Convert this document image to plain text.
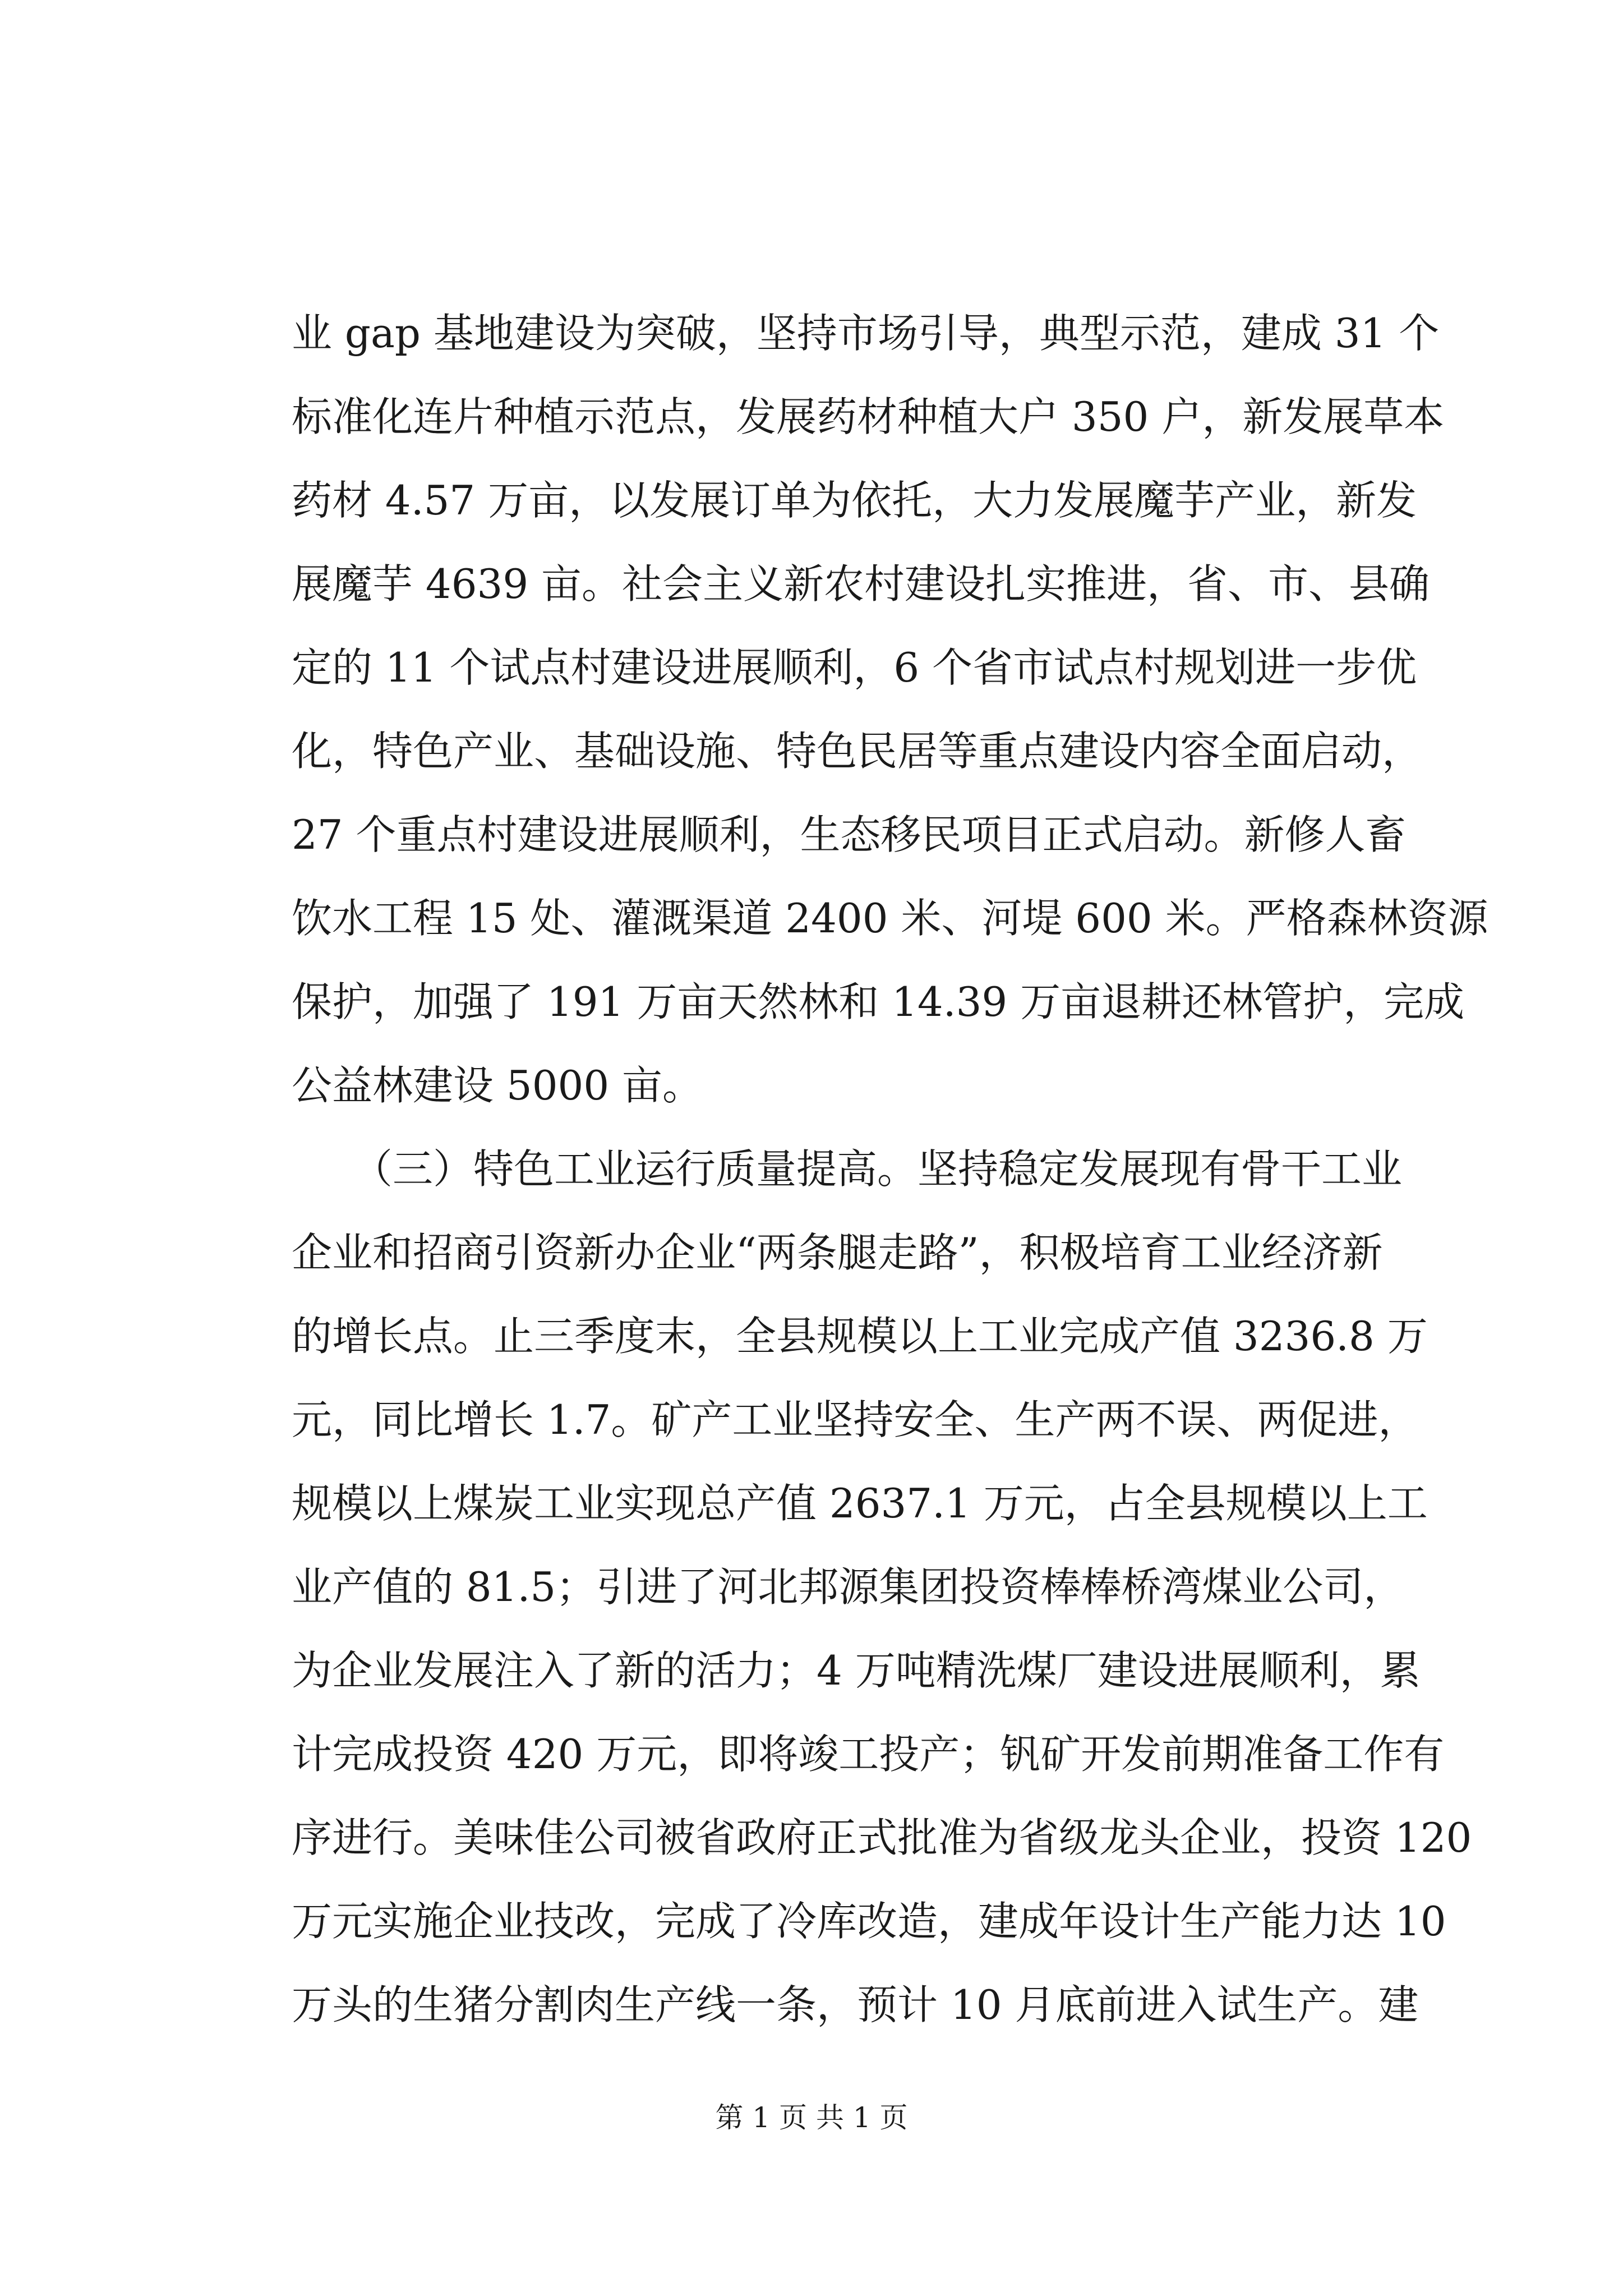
业 gap 基地建设为突破，坚持市场引导，典型示范，建成 31 个
标准化连片种植示范点，发展药材种植大户 350 户，新发展草本
药材 4.57 万亩，以发展订单为依托，大力发展魔芋产业，新发
展魔芋 4639 亩。社会主义新农村建设扎实推进，省、市、县确
定的 11 个试点村建设进展顺利，6 个省市试点村规划进一步优
化，特色产业、基础设施、特色民居等重点建设内容全面启动，
27 个重点村建设进展顺利，生态移民项目正式启动。新修人畜
饮水工程 15 处、灌溉渠道 2400 米、河堤 600 米。严格森林资源
保护，加强了 191 万亩天然林和 14.39 万亩退耕还林管护，完成
公益林建设 5000 亩。
　　（三）特色工业运行质量提高。坚持稳定发展现有骨干工业
企业和招商引资新办企业“两条腿走路”，积极培育工业经济新
的增长点。止三季度末，全县规模以上工业完成产值 3236.8 万
元，同比增长 1.7。矿产工业坚持安全、生产两不误、两促进，
规模以上煤炭工业实现总产值 2637.1 万元，占全县规模以上工
业产值的 81.5；引进了河北邦源集团投资棒棒桥湾煤业公司，
为企业发展注入了新的活力；4 万吨精洗煤厂建设进展顺利，累
计完成投资 420 万元，即将竣工投产；钒矿开发前期准备工作有
序进行。美味佳公司被省政府正式批准为省级龙头企业，投资 120
万元实施企业技改，完成了冷库改造，建成年设计生产能力达 10
万头的生猪分割肉生产线一条，预计 10 月底前进入试生产。建
第 1 页 共 1 页
